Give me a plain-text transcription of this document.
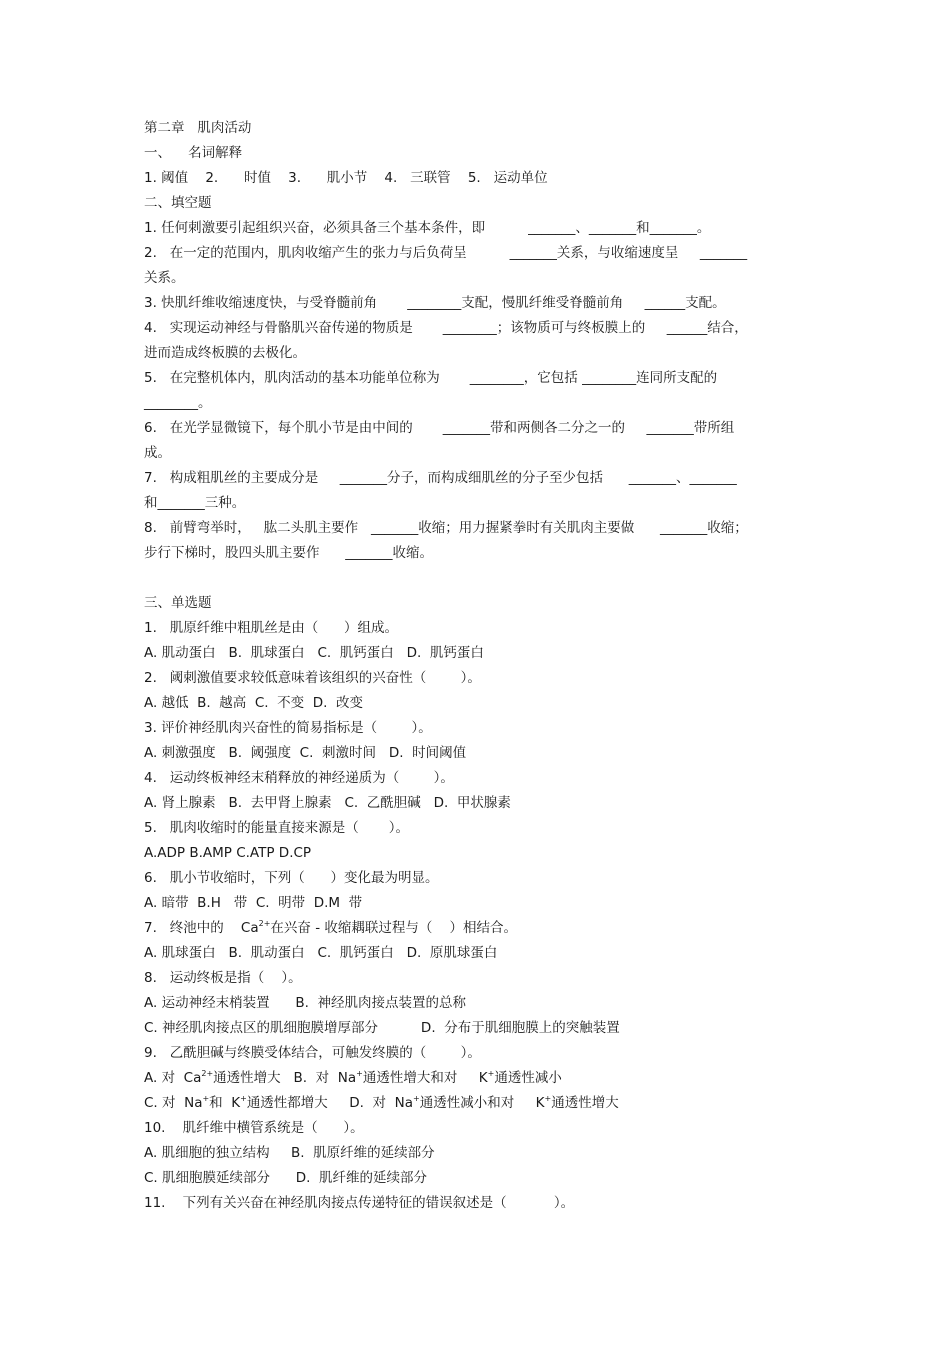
第二章   肌肉活动
一、    名词解释
1. 阈值    2.      时值    3.      肌小节    4.   三联管    5.   运动单位
二、填空题
1. 任何刺激要引起组织兴奋，必须具备三个基本条件，即          _______、_______和_______。
2.   在一定的范围内，肌肉收缩产生的张力与后负荷呈          _______关系，与收缩速度呈     _______
关系。
3. 快肌纤维收缩速度快，与受脊髓前角       ________支配，慢肌纤维受脊髓前角     ______支配。
4.   实现运动神经与骨骼肌兴奋传递的物质是       ________；该物质可与终板膜上的     ______结合，
进而造成终板膜的去极化。
5.   在完整机体内，肌肉活动的基本功能单位称为       ________，它包括 ________连同所支配的
________。
6.   在光学显微镜下，每个肌小节是由中间的       _______带和两侧各二分之一的     _______带所组
成。
7.   构成粗肌丝的主要成分是     _______分子，而构成细肌丝的分子至少包括      _______、_______
和_______三种。
8.   前臂弯举时，   肱二头肌主要作   _______收缩；用力握紧拳时有关肌肉主要做      _______收缩；
步行下梯时，股四头肌主要作      _______收缩。
三、单选题
1.   肌原纤维中粗肌丝是由（      ）组成。
A. 肌动蛋白   B.  肌球蛋白   C.  肌钙蛋白   D.  肌钙蛋白
2.   阈刺激值要求较低意味着该组织的兴奋性（        ）。
A. 越低  B.  越高  C.  不变  D.  改变
3. 评价神经肌肉兴奋性的简易指标是（        ）。
A. 刺激强度   B.  阈强度  C.  刺激时间   D.  时间阈值
4.   运动终板神经末稍释放的神经递质为（        ）。
A. 肾上腺素   B.  去甲肾上腺素   C.  乙酰胆碱   D.  甲状腺素
5.   肌肉收缩时的能量直接来源是（       ）。
A.ADP B.AMP C.ATP D.CP
6.   肌小节收缩时，下列（      ）变化最为明显。
A. 暗带  B.H   带  C.  明带  D.M  带
7.   终池中的    $Ca^{2+}$在兴奋 - 收缩耦联过程与（    ）相结合。
A. 肌球蛋白   B.  肌动蛋白   C.  肌钙蛋白   D.  原肌球蛋白
8.   运动终板是指（    ）。
A. 运动神经末梢装置      B.  神经肌肉接点装置的总称
C. 神经肌肉接点区的肌细胞膜增厚部分          D.  分布于肌细胞膜上的突触装置
9.   乙酰胆碱与终膜受体结合，可触发终膜的（        ）。
A. 对  $Ca^{2+}$通透性增大   B.  对  Na+通透性增大和对     K+通透性减小
C. 对  Na+和  K+通透性都增大     D.  对  Na+通透性减小和对     K+通透性增大
10.    肌纤维中横管系统是（      ）。
A. 肌细胞的独立结构     B.  肌原纤维的延续部分
C. 肌细胞膜延续部分      D.  肌纤维的延续部分
11.    下列有关兴奋在神经肌肉接点传递特征的错误叙述是（           ）。
